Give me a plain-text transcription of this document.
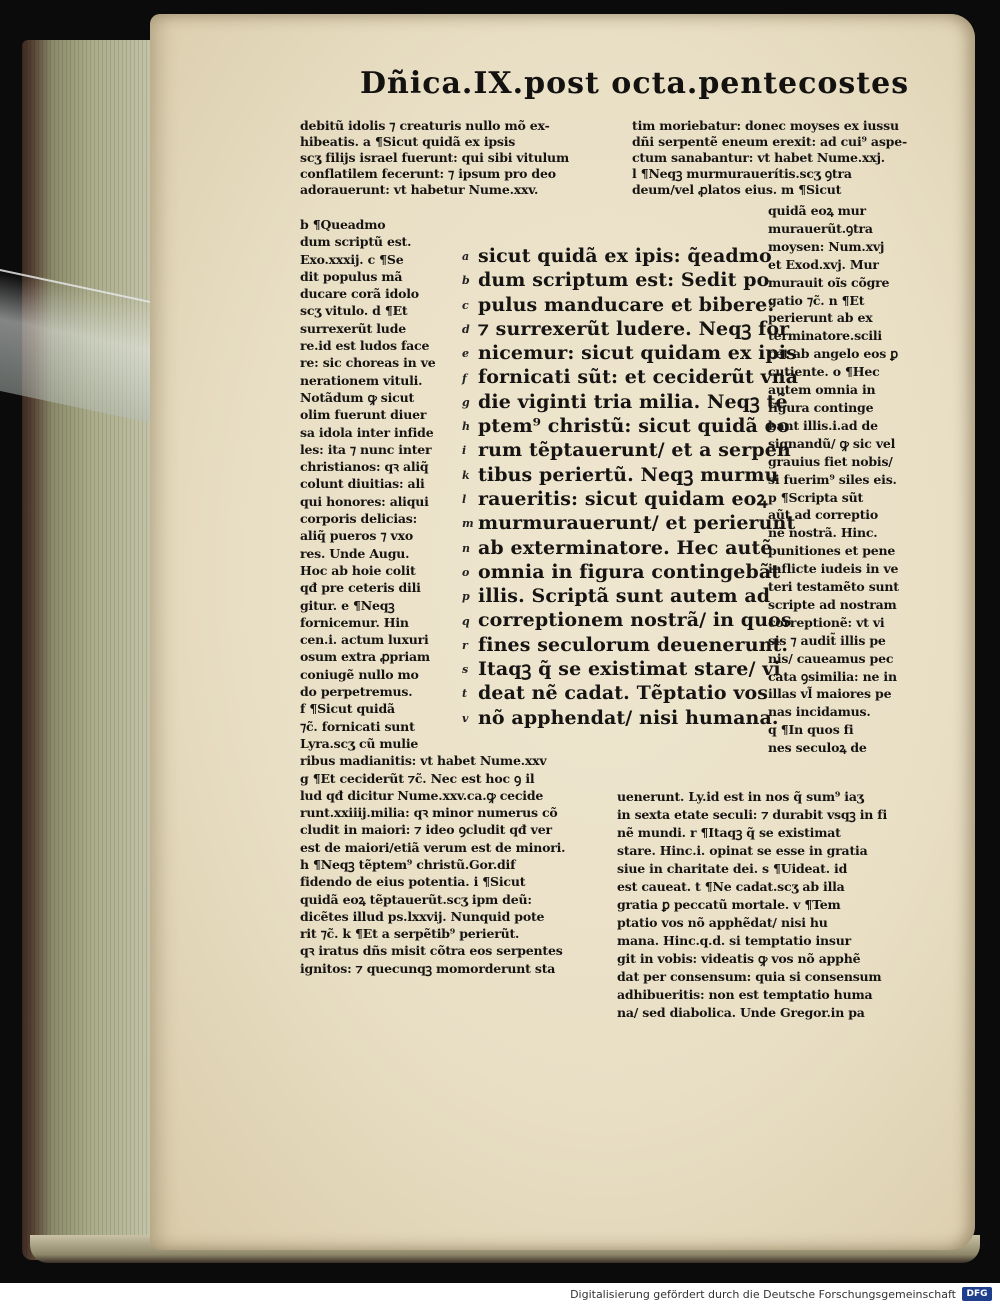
Dñica.IX.post octa.pentecostes
debitũ idolis ⁊ creaturis nullo mõ ex-
hibeatis. a ¶Sicut quidã ex ipsis
scʒ filijs israel fuerunt: qui sibi vitulum
conflatilem fecerunt: ⁊ ipsum pro deo
adorauerunt: vt habetur Nume.xxv.
tim moriebatur: donec moyses ex iussu
dñi serpentẽ eneum erexit: ad cui⁹ aspe-
ctum sanabantur: vt habet Nume.xxj.
l ¶Neqꝫ murmurauerítis.scʒ ꝯtra
deum/vel ꝓlatos eius. m ¶Sicut
b ¶Queadmo
dum scriptũ est.
Exo.xxxij. c ¶Se
dit populus mã
ducare corã idolo
scʒ vitulo. d ¶Et
surrexerũt lude
re.id est ludos face
re: sic choreas in ve
nerationem vituli.
Notãdum ꝙ sicut
olim fuerunt diuer
sa idola inter infide
les: ita ⁊ nunc inter
christianos: qꝛ aliq̃
colunt diuitias: ali
qui honores: aliqui
corporis delicias:
aliq̃ pueros ⁊ vxo
res. Unde Augu.
Hoc ab hoie colit
qđ pre ceteris dili
gitur. e ¶Neqꝫ
fornicemur. Hin
cen.i. actum luxuri
osum extra ꝓpriam
coniugẽ nullo mo
do perpetremus.
f ¶Sicut quidã
⁊c̃. fornicati sunt
Lyra.scʒ cũ mulie
ribus madianitis: vt habet Nume.xxv
g ¶Et ceciderũt ⁊c̃. Nec est hoc ꝯ il
lud qđ dicitur Nume.xxv.ca.ꝙ cecide
runt.xxiiij.milia: qꝛ minor numerus cõ
cludit in maiori: ⁊ ideo ꝯcludit qđ ver
est de maiori/etiã verum est de minori.
h ¶Neqꝫ tẽptem⁹ christũ.Gor.dif
fidendo de eius potentia. i ¶Sicut
quidã eoꝝ tẽptauerũt.scʒ ipm deũ:
dicẽtes illud ps.lxxvij. Nunquid pote
rit ⁊c̃. k ¶Et a serpẽtib⁹ perierũt.
qꝛ iratus dñs misit cõtra eos serpentes
ignitos: ⁊ quecunqꝫ momorderunt sta
sicut quidã ex ipis: q̃eadmo
dum scriptum est: Sedit po
pulus manducare et bibere:
⁊ surrexerũt ludere. Neqꝫ for
nicemur: sicut quidam ex ipis
fornicati sũt: et ceciderũt vna
die viginti tria milia. Neqꝫ tẽ
ptem⁹ christũ: sicut quidã eo
rum tẽptauerunt/ et a serpen
tibus periertũ. Neqꝫ murmu
raueritis: sicut quidam eoꝝ
murmurauerunt/ et perierunt
ab exterminatore. Hec autẽ
omnia in figura contingebãt
illis. Scriptã sunt autem ad
correptionem nostrã/ in quos
fines seculorum deuenerunt.
Itaqꝫ q̃ se existimat stare/ vi
deat nẽ cadat. Tẽptatio vos
nõ apphendat/ nisi humana.
a
b
c
d
e
f
g
h
i
k
l
m
n
o
p
q
r
s
t
v
quidã eoꝝ mur
murauerũt.ꝯtra
moysen: Num.xvj
et Exod.xvj. Mur
murauit oĩs cõgre
gatio ⁊c̃. n ¶Et
perierunt ab ex
terminatore.scili
cet ab angelo eos ꝑ
cutiente. o ¶Hec
autem omnia in
figura continge
bant illis.i.ad de
signandũ/ ꝙ sic vel
grauius fiet nobis/
si fuerim⁹ siles eis.
p ¶Scripta sũt
aũt ad correptio
nẽ nostrã. Hinc.
punitiones et pene
inflicte iudeis in ve
teri testamẽto sunt
scripte ad nostram
correptionẽ: vt vi
sis ⁊ audit̃ illis pe
nis/ caueamus pec
cata ꝯsimilia: ne in
illas vl̃ maiores pe
nas incidamus.
q ¶In quos fi
nes seculoꝝ de
uenerunt. Ly.id est in nos q̃ sum⁹ iaʒ
in sexta etate seculi: ⁊ durabit vsqꝫ in fi
nẽ mundi. r ¶Itaqꝫ q̃ se existimat
stare. Hinc.i. opinat se esse in gratia
siue in charitate dei. s ¶Uideat. id
est caueat. t ¶Ne cadat.scʒ ab illa
gratia ꝑ peccatũ mortale. v ¶Tem
ptatio vos nõ apphẽdat/ nisi hu
mana. Hinc.q.d. si temptatio insur
git in vobis: videatis ꝙ vos nõ apphẽ
dat per consensum: quia si consensum
adhibueritis: non est temptatio huma
na/ sed diabolica. Unde Gregor.in pa
Digitalisierung gefördert durch die Deutsche Forschungsgemeinschaft	DFG
